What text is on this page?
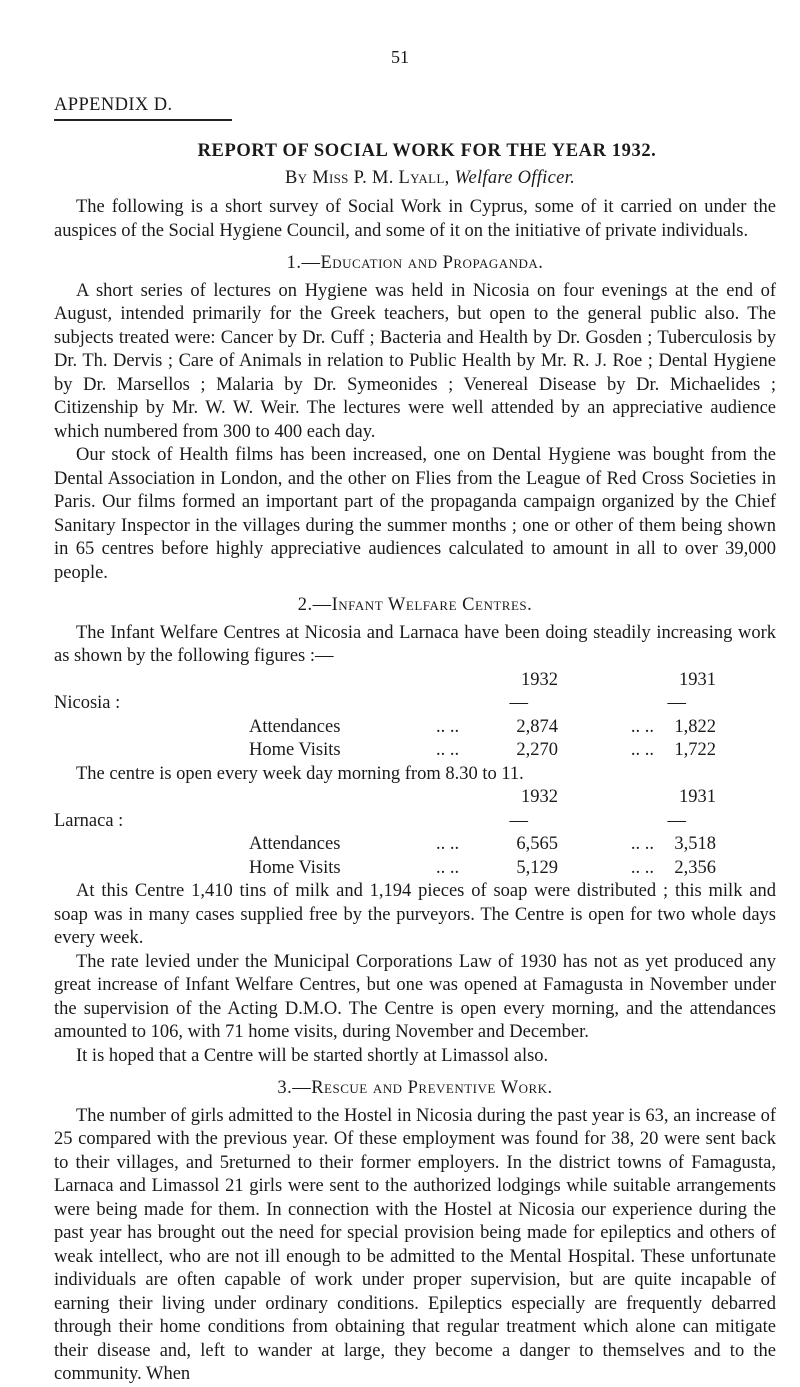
51
APPENDIX D.
REPORT OF SOCIAL WORK FOR THE YEAR 1932.
By Miss P. M. Lyall, Welfare Officer.

The following is a short survey of Social Work in Cyprus, some of it carried on under the auspices of the Social Hygiene Council, and some of it on the initiative of private individuals.

1.—Education and Propaganda.

A short series of lectures on Hygiene was held in Nicosia on four evenings at the end of August, intended primarily for the Greek teachers, but open to the general public also. The subjects treated were: Cancer by Dr. Cuff ; Bacteria and Health by Dr. Gosden ; Tuberculosis by Dr. Th. Dervis ; Care of Animals in relation to Public Health by Mr. R. J. Roe ; Dental Hygiene by Dr. Marsellos ; Malaria by Dr. Symeonides ; Venereal Disease by Dr. Michaelides ; Citizenship by Mr. W. W. Weir. The lectures were well attended by an appreciative audience which numbered from 300 to 400 each day.

Our stock of Health films has been increased, one on Dental Hygiene was bought from the Dental Association in London, and the other on Flies from the League of Red Cross Societies in Paris. Our films formed an important part of the propaganda campaign organized by the Chief Sanitary Inspector in the villages during the summer months ; one or other of them being shown in 65 centres before highly appreciative audiences calculated to amount in all to over 39,000 people.

2.—Infant Welfare Centres.

The Infant Welfare Centres at Nicosia and Larnaca have been doing steadily increasing work as shown by the following figures :—

1932	1931
Nicosia :	—	—
Attendances	.. ..	2,874	.. ..	1,822
Home Visits	.. ..	2,270	.. ..	1,722

The centre is open every week day morning from 8.30 to 11.

1932	1931
Larnaca :	—	—
Attendances	.. ..	6,565	.. ..	3,518
Home Visits	.. ..	5,129	.. ..	2,356

At this Centre 1,410 tins of milk and 1,194 pieces of soap were distributed ; this milk and soap was in many cases supplied free by the purveyors. The Centre is open for two whole days every week.

The rate levied under the Municipal Corporations Law of 1930 has not as yet produced any great increase of Infant Welfare Centres, but one was opened at Famagusta in November under the supervision of the Acting D.M.O. The Centre is open every morning, and the attendances amounted to 106, with 71 home visits, during November and December.

It is hoped that a Centre will be started shortly at Limassol also.

3.—Rescue and Preventive Work.

The number of girls admitted to the Hostel in Nicosia during the past year is 63, an increase of 25 compared with the previous year. Of these employment was found for 38, 20 were sent back to their villages, and 5returned to their former employers. In the district towns of Famagusta, Larnaca and Limassol 21 girls were sent to the authorized lodgings while suitable arrangements were being made for them. In connection with the Hostel at Nicosia our experience during the past year has brought out the need for special provision being made for epileptics and others of weak intellect, who are not ill enough to be admitted to the Mental Hospital. These unfortunate individuals are often capable of work under proper supervision, but are quite incapable of earning their living under ordinary conditions. Epileptics especially are frequently debarred through their home conditions from obtaining that regular treatment which alone can mitigate their disease and, left to wander at large, they become a danger to themselves and to the community. When
